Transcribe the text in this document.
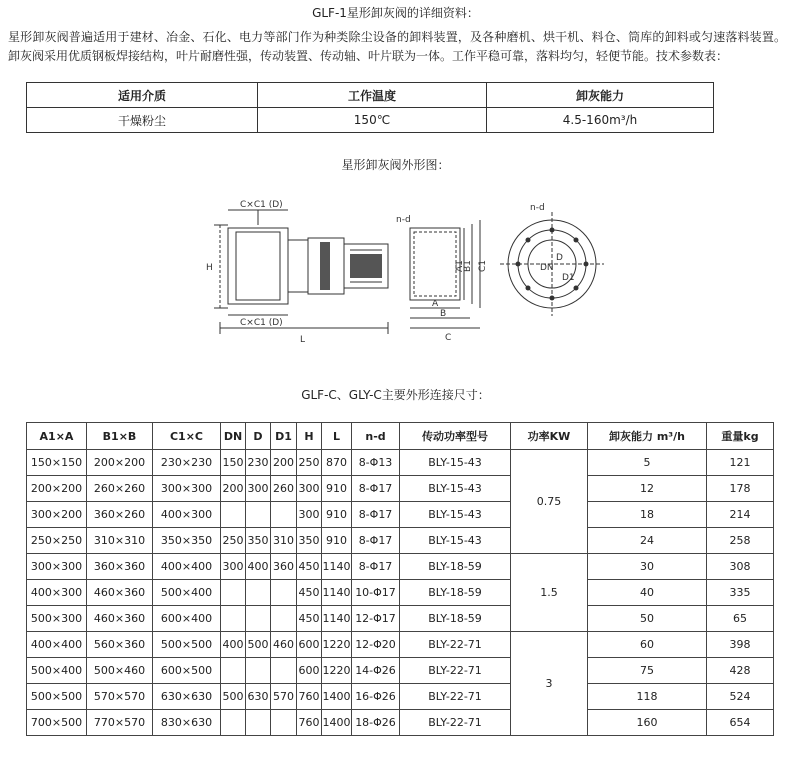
GLF-1星形卸灰阀的详细资料：
星形卸灰阀普遍适用于建材、冶金、石化、电力等部门作为种类除尘设备的卸料装置，及各种磨机、烘干机、料仓、筒库的卸料或匀速落料装置。卸灰阀采用优质钢板焊接结构，叶片耐磨性强，传动装置、传动轴、叶片联为一体。工作平稳可靠，落料均匀，轻便节能。技术参数表：
适用介质	工作温度	卸灰能力
干燥粉尘	150℃	4.5-160m³/h
星形卸灰阀外形图：
C×C1 (D)
C×C1 (D)
H
L
n-d
A1
B1 C1
A
B
C
n-d
DN
D
D1
GLF-C、GLY-C主要外形连接尺寸：
A1×A	B1×B	C1×C	DN	D	D1	H	L	n-d	传动功率型号	功率KW	卸灰能力 m³/h	重量kg
150×150	200×200	230×230	150	230	200	250	870	8-Φ13	BLY-15-43	0.75	5	121
200×200	260×260	300×300	200	300	260	300	910	8-Φ17	BLY-15-43		12	178
300×200	360×260	400×300				300	910	8-Φ17	BLY-15-43		18	214
250×250	310×310	350×350	250	350	310	350	910	8-Φ17	BLY-15-43		24	258
300×300	360×360	400×400	300	400	360	450	1140	8-Φ17	BLY-18-59	1.5	30	308
400×300	460×360	500×400				450	1140	10-Φ17	BLY-18-59		40	335
500×300	460×360	600×400				450	1140	12-Φ17	BLY-18-59		50	65
400×400	560×360	500×500	400	500	460	600	1220	12-Φ20	BLY-22-71	3	60	398
500×400	500×460	600×500				600	1220	14-Φ26	BLY-22-71		75	428
500×500	570×570	630×630	500	630	570	760	1400	16-Φ26	BLY-22-71		118	524
700×500	770×570	830×630				760	1400	18-Φ26	BLY-22-71		160	654
